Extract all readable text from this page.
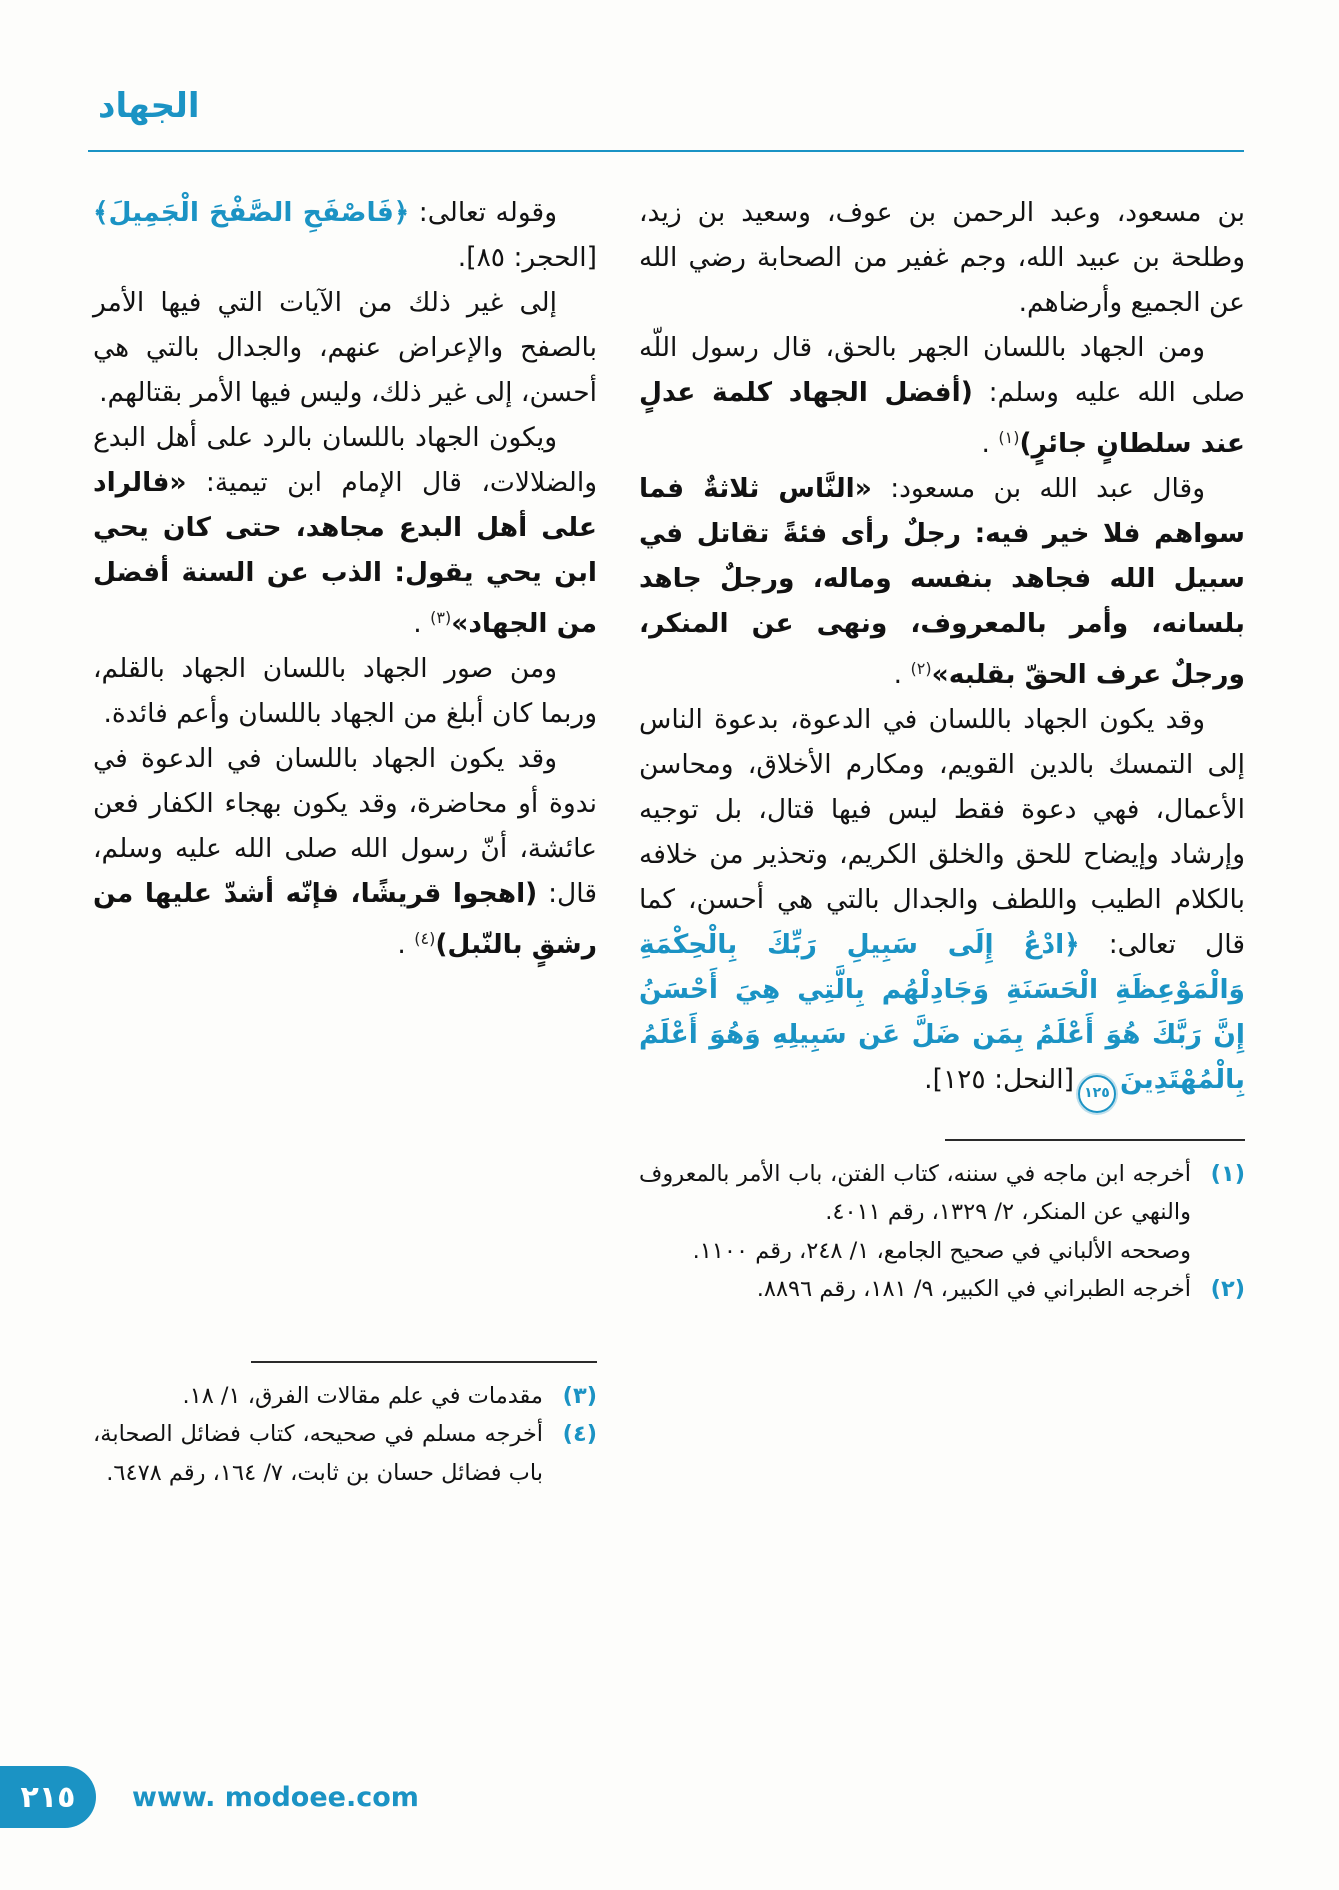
الجهاد

بن مسعود، وعبد الرحمن بن عوف، وسعيد بن زيد، وطلحة بن عبيد الله، وجم غفير من الصحابة رضي الله عن الجميع وأرضاهم.

ومن الجهاد باللسان الجهر بالحق، قال رسول اللّه صلى الله عليه وسلم: (أفضل الجهاد كلمة عدلٍ عند سلطانٍ جائرٍ)$^{(١)}$ .

وقال عبد الله بن مسعود: «النَّاس ثلاثةٌ فما سواهم فلا خير فيه: رجلٌ رأى فئةً تقاتل في سبيل الله فجاهد بنفسه وماله، ورجلٌ جاهد بلسانه، وأمر بالمعروف، ونهى عن المنكر، ورجلٌ عرف الحقّ بقلبه»$^{(٢)}$ .

وقد يكون الجهاد باللسان في الدعوة، بدعوة الناس إلى التمسك بالدين القويم، ومكارم الأخلاق، ومحاسن الأعمال، فهي دعوة فقط ليس فيها قتال، بل توجيه وإرشاد وإيضاح للحق والخلق الكريم، وتحذير من خلافه بالكلام الطيب واللطف والجدال بالتي هي أحسن، كما قال تعالى: ﴿ادْعُ إِلَى سَبِيلِ رَبِّكَ بِالْحِكْمَةِ وَالْمَوْعِظَةِ الْحَسَنَةِ وَجَادِلْهُم بِالَّتِي هِيَ أَحْسَنُ إِنَّ رَبَّكَ هُوَ أَعْلَمُ بِمَن ضَلَّ عَن سَبِيلِهِ وَهُوَ أَعْلَمُ بِالْمُهْتَدِينَ١٢٥[النحل: ١٢٥].

(١)
أخرجه ابن ماجه في سننه، كتاب الفتن، باب الأمر بالمعروف والنهي عن المنكر، ٢/ ١٣٢٩، رقم ٤٠١١.
وصححه الألباني في صحيح الجامع، ١/ ٢٤٨، رقم ١١٠٠.
(٢)
أخرجه الطبراني في الكبير، ٩/ ١٨١، رقم ٨٨٩٦.

وقوله تعالى: ﴿فَاصْفَحِ الصَّفْحَ الْجَمِيلَ﴾ [الحجر: ٨٥].

إلى غير ذلك من الآيات التي فيها الأمر بالصفح والإعراض عنهم، والجدال بالتي هي أحسن، إلى غير ذلك، وليس فيها الأمر بقتالهم.

ويكون الجهاد باللسان بالرد على أهل البدع والضلالات، قال الإمام ابن تيمية: «فالراد على أهل البدع مجاهد، حتى كان يحي ابن يحي يقول: الذب عن السنة أفضل من الجهاد»$^{(٣)}$ .

ومن صور الجهاد باللسان الجهاد بالقلم، وربما كان أبلغ من الجهاد باللسان وأعم فائدة.

وقد يكون الجهاد باللسان في الدعوة في ندوة أو محاضرة، وقد يكون بهجاء الكفار فعن عائشة، أنّ رسول الله صلى الله عليه وسلم، قال: (اهجوا قريشًا، فإنّه أشدّ عليها من رشقٍ بالنّبل)$^{(٤)}$ .

(٣)
مقدمات في علم مقالات الفرق، ١/ ١٨.
(٤)
أخرجه مسلم في صحيحه، كتاب فضائل الصحابة، باب فضائل حسان بن ثابت، ٧/ ١٦٤، رقم ٦٤٧٨.
٢١٥ www. modoee.com
